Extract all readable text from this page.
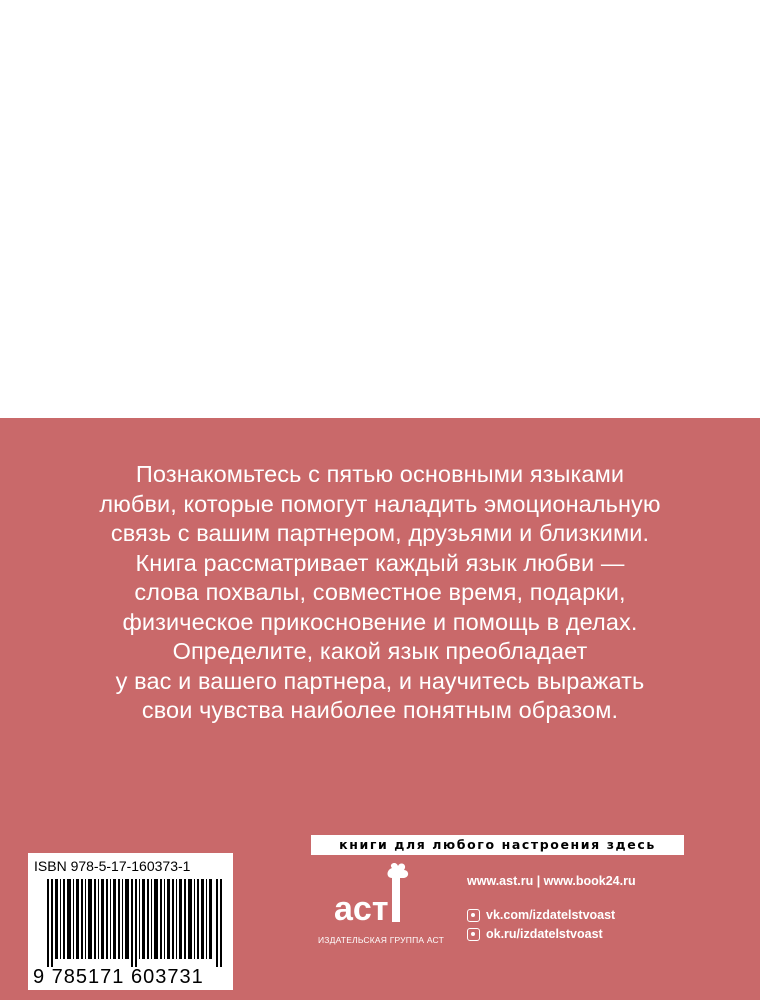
Познакомьтесь с пятью основными языками
любви, которые помогут наладить эмоциональную
связь с вашим партнером, друзьями и близкими.
Книга рассматривает каждый язык любви —
слова похвалы, совместное время, подарки,
физическое прикосновение и помощь в делах.
Определите, какой язык преобладает
у вас и вашего партнера, и научитесь выражать
свои чувства наиболее понятным образом.
книги для любого настроения здесь
ISBN 978-5-17-160373-1
9 785171 603731
аст
ИЗДАТЕЛЬСКАЯ ГРУППА АСТ
www.ast.ru | www.book24.ru
vk.com/izdatelstvoast
ok.ru/izdatelstvoast
